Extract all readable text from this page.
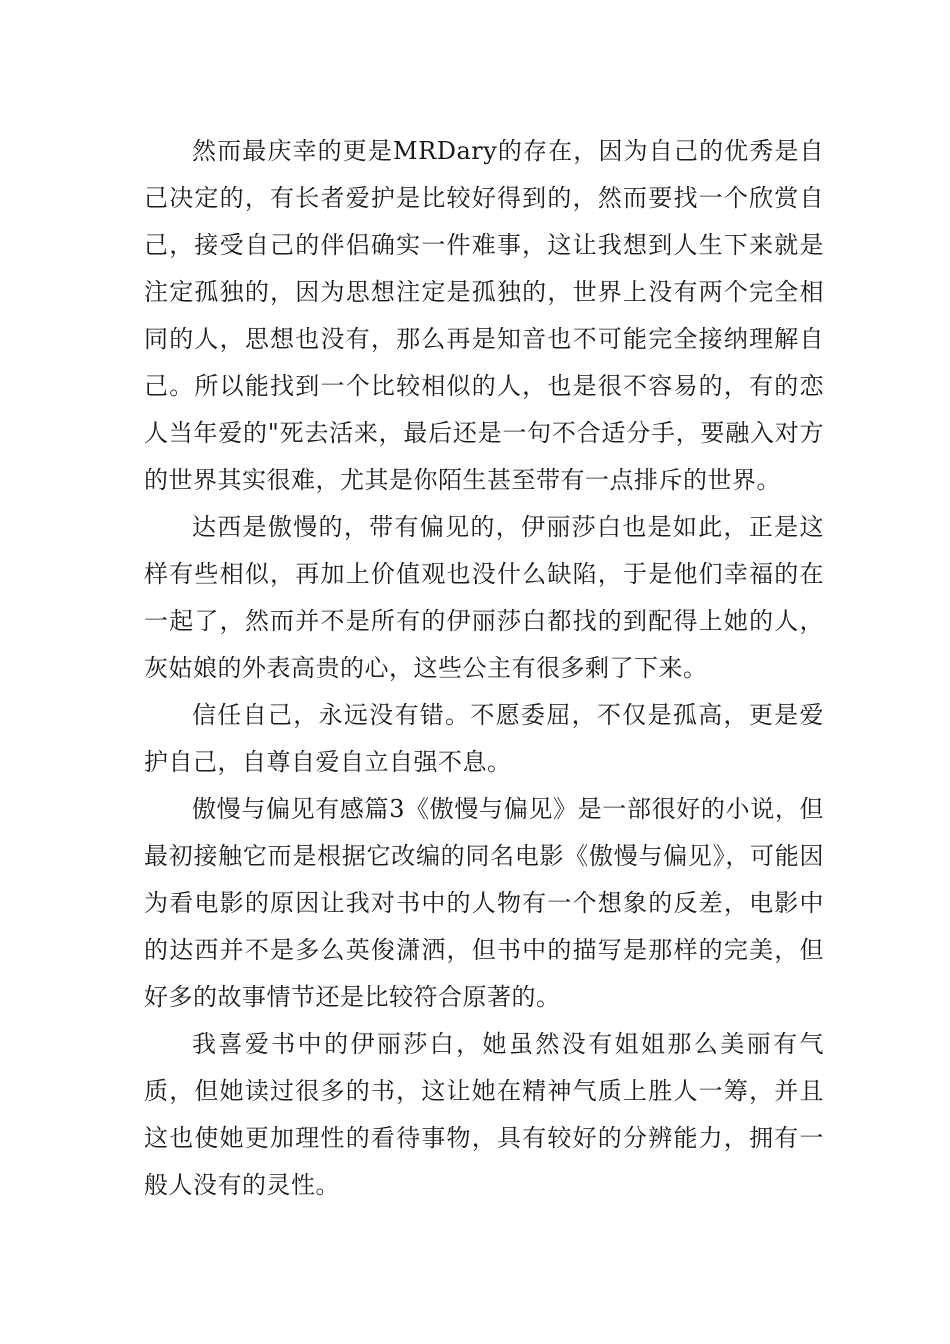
然而最庆幸的更是MRDary的存在，因为自己的优秀是自己决定的，有长者爱护是比较好得到的，然而要找一个欣赏自己，接受自己的伴侣确实一件难事，这让我想到人生下来就是注定孤独的，因为思想注定是孤独的，世界上没有两个完全相同的人，思想也没有，那么再是知音也不可能完全接纳理解自己。所以能找到一个比较相似的人，也是很不容易的，有的恋人当年爱的"死去活来，最后还是一句不合适分手，要融入对方的世界其实很难，尤其是你陌生甚至带有一点排斥的世界。

达西是傲慢的，带有偏见的，伊丽莎白也是如此，正是这样有些相似，再加上价值观也没什么缺陷，于是他们幸福的在一起了，然而并不是所有的伊丽莎白都找的到配得上她的人，灰姑娘的外表高贵的心，这些公主有很多剩了下来。

信任自己，永远没有错。不愿委屈，不仅是孤高，更是爱护自己，自尊自爱自立自强不息。

傲慢与偏见有感篇3《傲慢与偏见》是一部很好的小说，但最初接触它而是根据它改编的同名电影《傲慢与偏见》，可能因为看电影的原因让我对书中的人物有一个想象的反差，电影中的达西并不是多么英俊潇洒，但书中的描写是那样的完美，但好多的故事情节还是比较符合原著的。

我喜爱书中的伊丽莎白，她虽然没有姐姐那么美丽有气质，但她读过很多的书，这让她在精神气质上胜人一筹，并且这也使她更加理性的看待事物，具有较好的分辨能力，拥有一般人没有的灵性。
